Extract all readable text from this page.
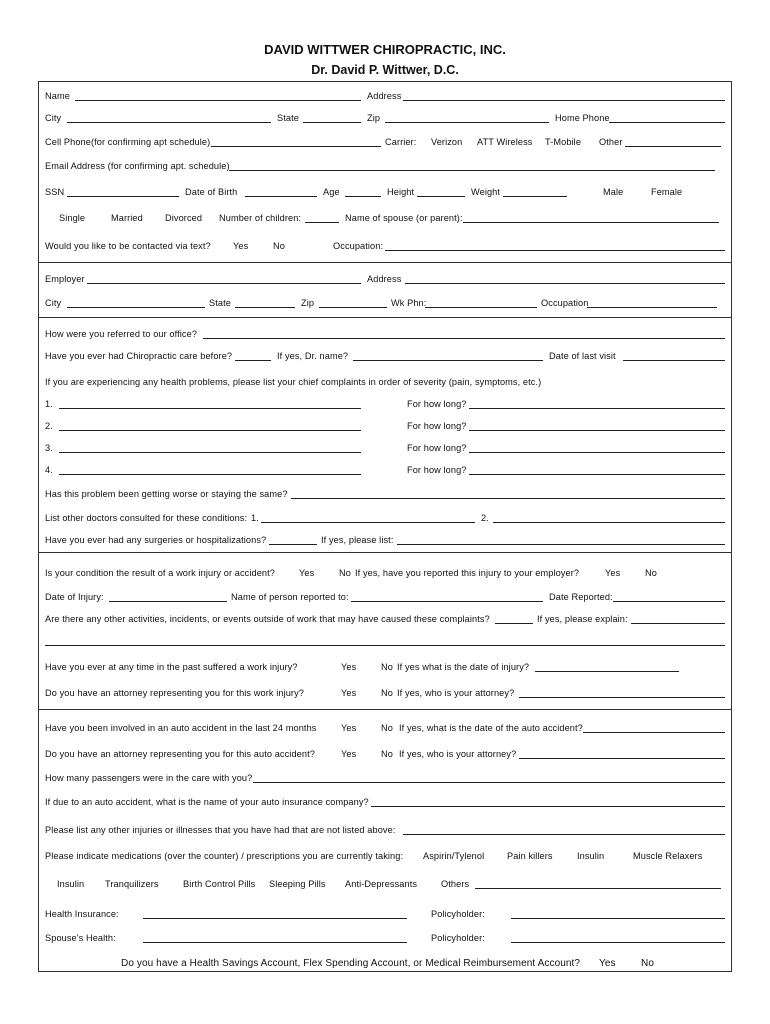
DAVID WITTWER CHIROPRACTIC, INC.
Dr. David P. Wittwer, D.C.
Name	Address
City	State	Zip	Home Phone
Cell Phone(for confirming apt schedule)	Carrier: Verizon ATT Wireless T-Mobile Other
Email Address (for confirming apt. schedule)
SSN	Date of Birth	Age	Height	Weight	Male	Female
Single	Married Divorced Number of children:	Name of spouse (or parent):
Would you like to be contacted via text? Yes	No	Occupation:
Employer	Address
City	State	Zip	Wk Phn:	Occupation
How were you referred to our office?
Have you ever had Chiropractic care before?	If yes, Dr. name?	Date of last visit
If you are experiencing any health problems, please list your chief complaints in order of severity (pain, symptoms, etc.)
1.	For how long?
2.	For how long?
3.	For how long?
4.	For how long?
Has this problem been getting worse or staying the same?
List other doctors consulted for these conditions: 1.	2.
Have you ever had any surgeries or hospitalizations?	If yes, please list:
Is your condition the result of a work injury or accident?	Yes	No If yes, have you reported this injury to your employer?	Yes	No
Date of Injury:	Name of person reported to:	Date Reported:
Are there any other activities, incidents, or events outside of work that may have caused these complaints?	If yes, please explain:
Have you ever at any time in the past suffered a work injury?	Yes	No If yes what is the date of injury?
Do you have an attorney representing you for this work injury?	Yes	No If yes, who is your attorney?
Have you been involved in an auto accident in the last 24 months	Yes	No If yes, what is the date of the auto accident?
Do you have an attorney representing you for this auto accident?	Yes	No If yes, who is your attorney?
How many passengers were in the care with you?
If due to an auto accident, what is the name of your auto insurance company?
Please list any other injuries or illnesses that you have had that are not listed above:
Please indicate medications (over the counter) / prescriptions you are currently taking: Aspirin/Tylenol Pain killers	Insulin	Muscle Relaxers
Insulin Tranquilizers	Birth Control Pills Sleeping Pills Anti-Depressants	Others
Health Insurance:	Policyholder:
Spouse's Health:	Policyholder:
Do you have a Health Savings Account, Flex Spending Account, or Medical Reimbursement Account? Yes	No
